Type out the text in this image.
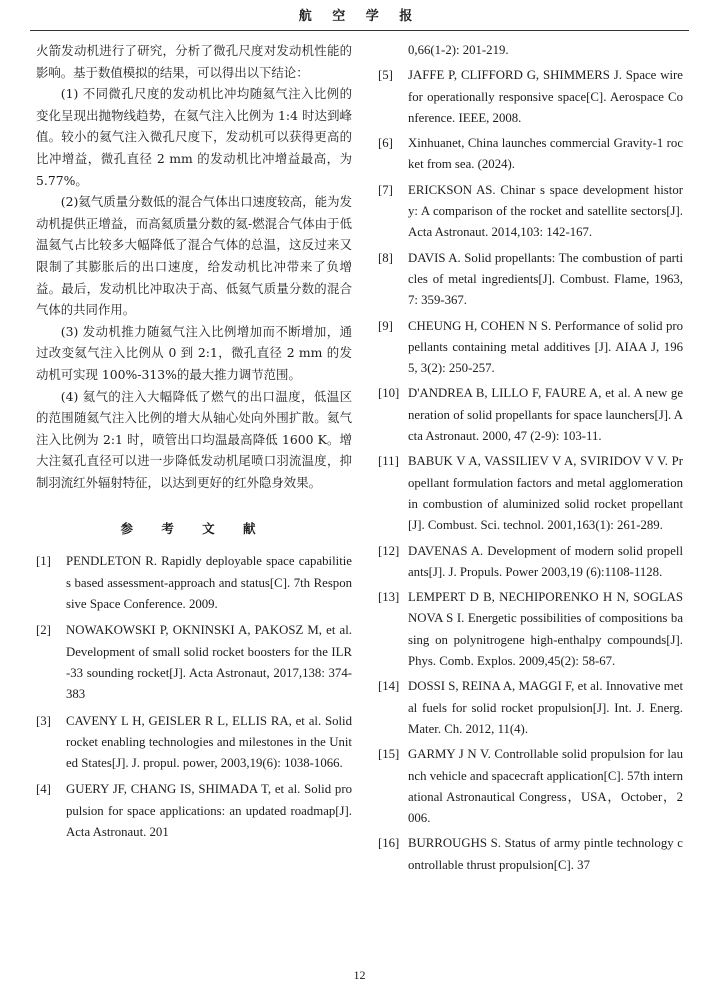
航 空 学 报

火箭发动机进行了研究，分析了微孔尺度对发动机性能的影响。基于数值模拟的结果，可以得出以下结论：

(1) 不同微孔尺度的发动机比冲均随氦气注入比例的变化呈现出抛物线趋势，在氦气注入比例为 1:4 时达到峰值。较小的氦气注入微孔尺度下，发动机可以获得更高的比冲增益，微孔直径 2 mm 的发动机比冲增益最高，为 5.77%。

(2)氦气质量分数低的混合气体出口速度较高，能为发动机提供正增益，而高氦质量分数的氦-燃混合气体由于低温氦气占比较多大幅降低了混合气体的总温，这反过来又限制了其膨胀后的出口速度，给发动机比冲带来了负增益。最后，发动机比冲取决于高、低氦气质量分数的混合气体的共同作用。

(3) 发动机推力随氦气注入比例增加而不断增加，通过改变氦气注入比例从 0 到 2:1，微孔直径 2 mm 的发动机可实现 100%-313%的最大推力调节范围。

(4) 氦气的注入大幅降低了燃气的出口温度，低温区的范围随氦气注入比例的增大从轴心处向外围扩散。氦气注入比例为 2:1 时，喷管出口均温最高降低 1600 K。增大注氦孔直径可以进一步降低发动机尾喷口羽流温度，抑制羽流红外辐射特征，以达到更好的红外隐身效果。

参 考 文 献
[1]	PENDLETON R. Rapidly deployable space capabilities based assessment-approach and status[C]. 7th Responsive Space Conference. 2009.
[2]	NOWAKOWSKI P, OKNINSKI A, PAKOSZ M, et al. Development of small solid rocket boosters for the ILR-33 sounding rocket[J]. Acta Astronaut, 2017,138: 374-383
[3]	CAVENY L H, GEISLER R L, ELLIS RA, et al. Solid rocket enabling technologies and milestones in the United States[J]. J. propul. power, 2003,19(6): 1038-1066.
[4]	GUERY JF, CHANG IS, SHIMADA T, et al. Solid propulsion for space applications: an updated roadmap[J]. Acta Astronaut. 201
0,66(1-2): 201-219.
[5]	JAFFE P, CLIFFORD G, SHIMMERS J. Space wire for operationally responsive space[C]. Aerospace Conference. IEEE, 2008.
[6]	Xinhuanet, China launches commercial Gravity-1 rocket from sea. (2024).
[7]	ERICKSON AS. Chinar s space development history: A comparison of the rocket and satellite sectors[J]. Acta Astronaut. 2014,103: 142-167.
[8]	DAVIS A. Solid propellants: The combustion of particles of metal ingredients[J]. Combust. Flame, 1963,7: 359-367.
[9]	CHEUNG H, COHEN N S. Performance of solid propellants containing metal additives [J]. AIAA J, 1965, 3(2): 250-257.
[10] D'ANDREA B, LILLO F, FAURE A, et al. A new generation of solid propellants for space launchers[J]. Acta Astronaut. 2000, 47 (2-9): 103-11.
[11] BABUK V A, VASSILIEV V A, SVIRIDOV V V. Propellant formulation factors and metal agglomeration in combustion of aluminized solid rocket propellant[J]. Combust. Sci. technol. 2001,163(1): 261-289.
[12] DAVENAS A. Development of modern solid propellants[J]. J. Propuls. Power 2003,19 (6):1108-1128.
[13] LEMPERT D B, NECHIPORENKO H N, SOGLASNOVA S I. Energetic possibilities of compositions basing on polynitrogene high-enthalpy compounds[J]. Phys. Comb. Explos. 2009,45(2): 58-67.
[14] DOSSI S, REINA A, MAGGI F, et al. Innovative metal fuels for solid rocket propulsion[J]. Int. J. Energ. Mater. Ch. 2012, 11(4).
[15] GARMY J N V. Controllable solid propulsion for launch vehicle and spacecraft application[C]. 57th international Astronautical Congress，USA，October，2006.
[16] BURROUGHS S. Status of army pintle technology controllable thrust propulsion[C]. 37
12
